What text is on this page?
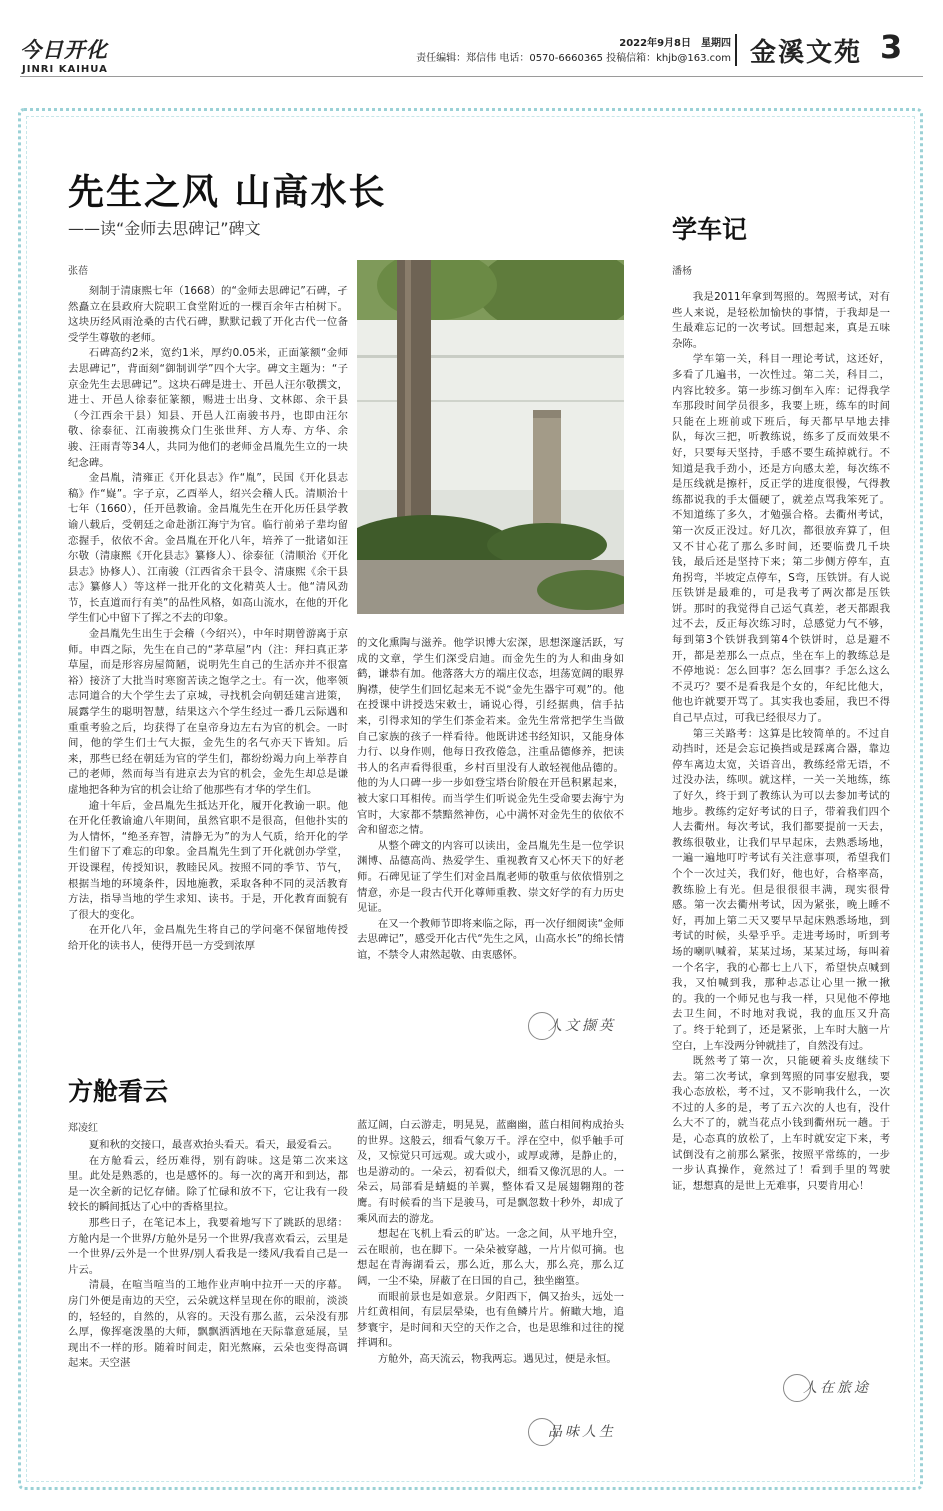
今日开化
JINRI KAIHUA
2022年9月8日　星期四
责任编辑：郑信伟 电话：0570-6660365 投稿信箱：khjb@163.com 金溪文苑 3
先生之风 山高水长
——读“金师去思碑记”碑文
张蓓

刻制于清康熙七年（1668）的“金师去思碑记”石碑，孑然矗立在县政府大院职工食堂附近的一棵百余年古柏树下。这块历经风雨沧桑的古代石碑，默默记载了开化古代一位备受学生尊敬的老师。

石碑高约2米，宽约1米，厚约0.05米，正面篆额“金师去思碑记”，背面刻“御制训学”四个大字。碑文主题为：“子京金先生去思碑记”。这块石碑是进士、开邑人汪尔敬撰文，进士、开邑人徐泰征篆额，赐进士出身、文林郎、余干县（今江西余干县）知县、开邑人江南骏书丹，也即由汪尔敬、徐泰征、江南骏携众门生张世拜、方人寿、方华、余骏、汪雨青等34人，共同为他们的老师金昌胤先生立的一块纪念碑。

金昌胤，清雍正《开化县志》作“胤”，民国《开化县志稿》作“嶷”。字子京，乙酉举人，绍兴会稽人氏。清顺治十七年（1660），任开邑教谕。金昌胤先生在开化历任县学教谕八载后，受朝廷之命赴浙江海宁为官。临行前弟子辈均留恋握手，依依不舍。金昌胤在开化八年，培养了一批诸如汪尔敬（清康熙《开化县志》纂修人）、徐泰征（清顺治《开化县志》协修人）、江南骏（江西省余干县令、清康熙《余干县志》纂修人）等这样一批开化的文化精英人士。他“清风劲节，长直道而行有美”的品性风格，如高山流水，在他的开化学生们心中留下了挥之不去的印象。

金昌胤先生出生于会稽（今绍兴），中年时期曾游离于京师。申酉之际，先生在自己的“茅草屋”内（注：拜扫真正茅草屋，而是形容房屋简陋，说明先生自己的生活亦并不很富裕）接济了大批当时寒窗苦读之饱学之士。有一次，他率领志同道合的大个学生去了京城，寻找机会向朝廷建言进策，展露学生的聪明智慧，结果这六个学生经过一番几云际遇和重重考验之后，均获得了在皇帝身边左右为官的机会。一时间，他的学生们士气大振，金先生的名气亦天下皆知。后来，那些已经在朝廷为官的学生们，都纷纷竭力向上举荐自己的老师，然而每当有进京去为官的机会，金先生却总是谦虚地把各种为官的机会让给了他那些有才华的学生们。

逾十年后，金昌胤先生抵达开化，履开化教谕一职。他在开化任教谕逾八年期间，虽然官职不是很高，但他扑实的为人情怀，“绝圣弃智，清静无为”的为人气质，给开化的学生们留下了难忘的印象。金昌胤先生到了开化就创办学堂，开设课程，传授知识，教睦民风。按照不同的季节、节气，根据当地的环境条件，因地施教，采取各种不同的灵活教育方法，指导当地的学生求知、读书。于是，开化教育面貌有了很大的变化。

在开化八年，金昌胤先生将自己的学问毫不保留地传授给开化的读书人，使得开邑一方受到浓厚

的文化熏陶与滋养。他学识博大宏深，思想深邃活跃，写成的文章，学生们深受启迪。而金先生的为人和曲身如鹤，谦恭有加。他落落大方的端庄仪态，坦荡宽阔的眼界胸襟，使学生们回忆起来无不说“金先生器宇可观”的。他在授课中讲授迭宋敕士，诵说心得，引经据典，信手拈来，引得求知的学生们茶金若来。金先生常常把学生当做自己家族的孩子一样看待。他既讲述书经知识，又能身体力行、以身作则，他每日孜孜倦急，注重品德修养，把读书人的名声看得很重，乡村百里没有人敢轻视他品德的。他的为人口碑一步一步如登宝塔台阶般在开邑积累起来，被大家口耳相传。而当学生们听说金先生受命要去海宁为官时，大家都不禁黯然神伤，心中满怀对金先生的依依不舍和留恋之情。

从整个碑文的内容可以读出，金昌胤先生是一位学识渊博、品德高尚、热爱学生、重视教育又心怀天下的好老师。石碑见证了学生们对金昌胤老师的敬重与依依惜别之情意，亦是一段古代开化尊师重教、崇文好学的有力历史见证。

在又一个教师节即将来临之际，再一次仔细阅读“金师去思碑记”，感受开化古代“先生之风，山高水长”的绵长情谊，不禁令人肃然起敬、由衷感怀。

人文撷英
学车记
潘杨

我是2011年拿到驾照的。驾照考试，对有些人来说，是轻松加愉快的事情，于我却是一生最难忘记的一次考试。回想起来，真是五味杂陈。

学车第一关，科目一理论考试，这还好，多看了几遍书，一次性过。第二关，科目二，内容比较多。第一步练习倒车入库：记得我学车那段时间学员很多，我要上班，练车的时间只能在上班前或下班后，每天都早早地去排队，每次三把，听教练说，练多了反而效果不好，只要每天坚持，手感不要生疏掉就行。不知道是我手劲小，还是方向感太差，每次练不是压线就是擦杆，反正学的进度很慢，气得教练都说我的手太僵硬了，就差点骂我笨死了。不知道练了多久，才勉强合格。去衢州考试，第一次反正没过。好几次，都很放弃算了，但又不甘心花了那么多时间，还要临费几千块钱，最后还是坚持下来；第二步侧方停车，直角拐弯，半坡定点停车，S弯，压铁饼。有人说压铁饼是最难的，可是我考了两次都是压铁饼。那时的我觉得自己运气真差，老天都跟我过不去，反正每次练习时，总感觉力气不够，每到第3个铁饼我到第4个铁饼时，总是避不开，都是差那么一点点，坐在车上的教练总是不停地说：怎么回事？怎么回事？手怎么这么不灵巧？要不是看我是个女的，年纪比他大，他也许就要开骂了。其实我也委屈，我巴不得自己早点过，可我已经很尽力了。

第三关路考：这算是比较简单的。不过自动挡时，还是会忘记换挡或是踩离合器，靠边停车离边太宽，关语音出，教练经常无语，不过没办法，练呗。就这样，一关一关地练，练了好久，终于到了教练认为可以去参加考试的地步。教练约定好考试的日子，带着我们四个人去衢州。每次考试，我们都要提前一天去，教练很敬业，让我们早早起床，去熟悉场地，一遍一遍地叮咛考试有关注意事项，希望我们个个一次过关，我们好，他也好，合格率高，教练脸上有光。但是很很很丰满，现实很骨感。第一次去衢州考试，因为紧张，晚上睡不好，再加上第二天又要早早起床熟悉场地，到考试的时候，头晕乎乎。走进考场时，听到考场的喇叭喊着，某某过场，某某过场，每叫着一个名字，我的心都七上八下，希望快点喊到我，又怕喊到我，那种忐忑让心里一揪一揪的。我的一个师兄也与我一样，只见他不停地去卫生间，不时地对我说，我的血压又升高了。终于轮到了，还是紧张，上车时大脑一片空白，上车没两分钟就挂了，自然没有过。

既然考了第一次，只能硬着头皮继续下去。第二次考试，拿到驾照的同事安慰我，要我心态放松，考不过，又不影响我什么，一次不过的人多的是，考了五六次的人也有，没什么大不了的，就当花点小钱到衢州玩一趟。于是，心态真的放松了，上车时就安定下来，考试倒没有之前那么紧张，按照平常练的，一步一步认真操作，竟然过了！看到手里的驾驶证，想想真的是世上无难事，只要肯用心！

人在旅途
方舱看云
郑凌红

夏和秋的交接口，最喜欢抬头看天。看天，最爱看云。

在方舱看云，经历难得，别有韵味。这是第二次来这里。此处是熟悉的，也是感怀的。每一次的离开和到达，都是一次全新的记忆存储。除了忙碌和放不下，它让我有一段较长的瞬间抵达了心中的香格里拉。

那些日子，在笔记本上，我要着地写下了跳跃的思绪：方舱内是一个世界/方舱外是另一个世界/我喜欢看云，云里是一个世界/云外是一个世界/别人看我是一缕风/我看自己是一片云。

清晨，在喧当喧当的工地作业声响中拉开一天的序幕。房门外便是南边的天空，云朵就这样呈现在你的眼前，淡淡的，轻轻的，自然的，从容的。天没有那么蓝，云朵没有那么厚，像挥毫泼墨的大师，飘飘洒洒地在天际靠意延展，呈现出不一样的形。随着时间走，阳光熬麻，云朵也变得高调起来。天空湛

蓝辽阔，白云游走，明晃晃，蓝幽幽，蓝白相间构成抬头的世界。这般云，细看气象万千。浮在空中，似乎触手可及，又惊觉只可远观。或大或小，或厚或薄，是静止的，也是游动的。一朵云，初看似犬，细看又像沉思的人。一朵云，局部看是蜻蜓的羊翼，整体看又是展翅翱翔的苍鹰。有时候看的当下是骏马，可是飘忽数十秒外，却成了乘风而去的游龙。

想起在飞机上看云的旷达。一念之间，从平地升空，云在眼前，也在脚下。一朵朵被穿越，一片片似可摘。也想起在青海湖看云，那么近，那么大，那么亮，那么辽阔，一尘不染，屏蔽了在日国的自己，独坐幽篁。

而眼前景也是如意景。夕阳西下，偶又抬头，远处一片红黄相间，有层层晕染，也有鱼鳞片片。俯瞰大地，追梦寰宇，是时间和天空的天作之合，也是思维和过往的搅拌调和。

方舱外，高天流云，物我两忘。遇见过，便是永恒。

品味人生
